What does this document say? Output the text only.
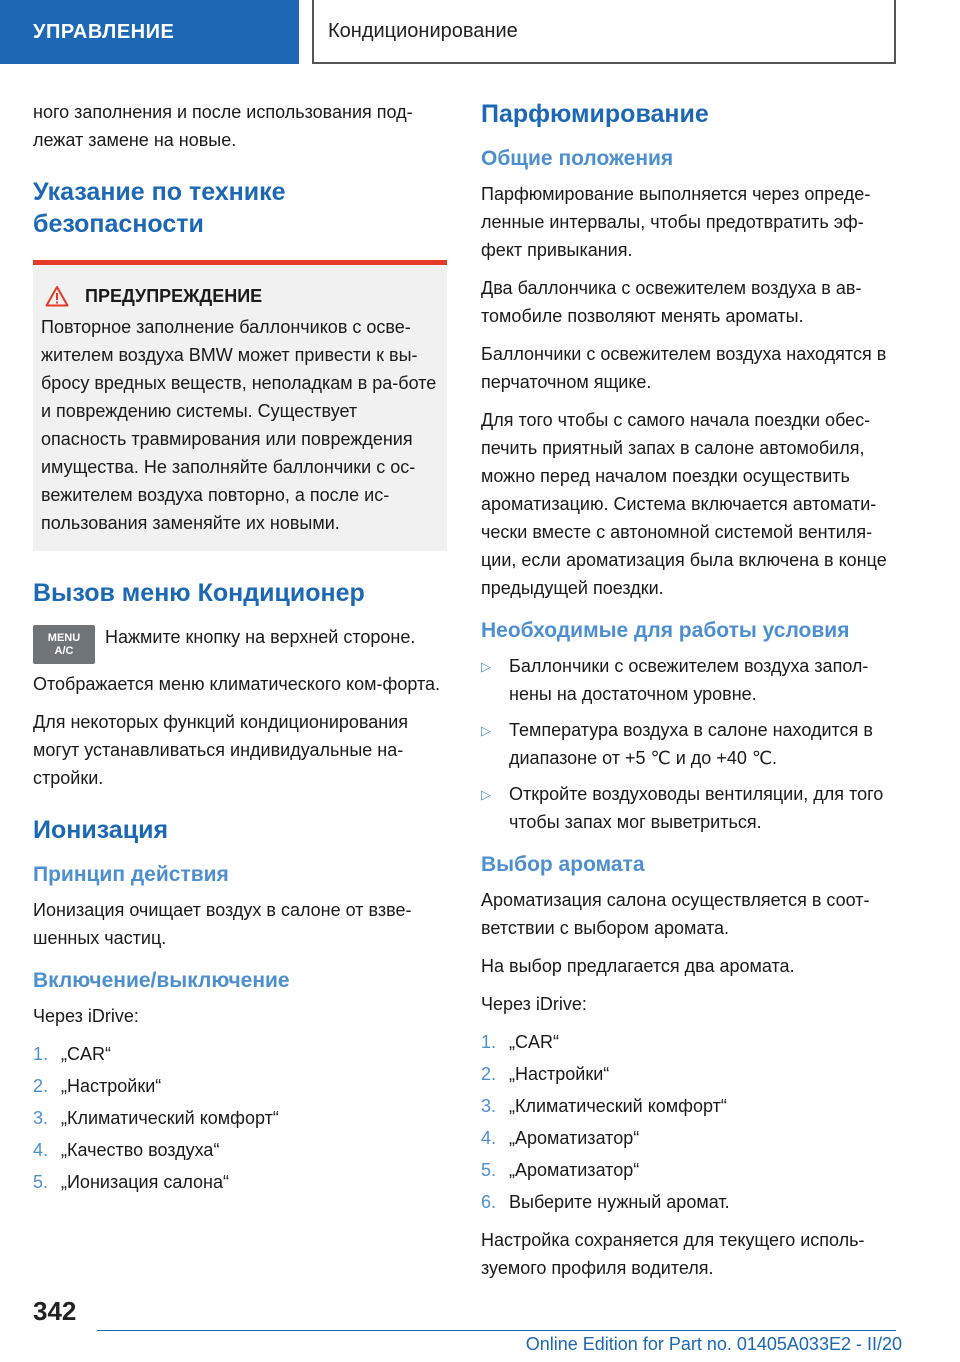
УПРАВЛЕНИЕ	Кондиционирование

ного заполнения и после использования под-лежат замене на новые.

Указание по технике безопасности
ПРЕДУПРЕЖДЕНИЕ

Повторное заполнение баллончиков с осве-жителем воздуха BMW может привести к вы-бросу вредных веществ, неполадкам в ра-боте и повреждению системы. Существует опасность травмирования или повреждения имущества. Не заполняйте баллончики с ос-вежителем воздуха повторно, а после ис-пользования заменяйте их новыми.

Вызов меню Кондиционер
MENU
A/C

Нажмите кнопку на верхней стороне.

Отображается меню климатического ком-форта.

Для некоторых функций кондиционирования могут устанавливаться индивидуальные на-стройки.

Ионизация
Принцип действия

Ионизация очищает воздух в салоне от взве-шенных частиц.

Включение/выключение

Через iDrive:

1. „CAR“
2. „Настройки“
3. „Климатический комфорт“
4. „Качество воздуха“
5. „Ионизация салона“
Парфюмирование
Общие положения

Парфюмирование выполняется через опреде-ленные интервалы, чтобы предотвратить эф-фект привыкания.

Два баллончика с освежителем воздуха в ав-томобиле позволяют менять ароматы.

Баллончики с освежителем воздуха находятся в перчаточном ящике.

Для того чтобы с самого начала поездки обес-печить приятный запах в салоне автомобиля, можно перед началом поездки осуществить ароматизацию. Система включается автомати-чески вместе с автономной системой вентиля-ции, если ароматизация была включена в конце предыдущей поездки.

Необходимые для работы условия
▷	Баллончики с освежителем воздуха запол-нены на достаточном уровне.
▷	Температура воздуха в салоне находится в диапазоне от +5 ℃ и до +40 ℃.
▷	Откройте воздуховоды вентиляции, для того чтобы запах мог выветриться.
Выбор аромата

Ароматизация салона осуществляется в соот-ветствии с выбором аромата.

На выбор предлагается два аромата.

Через iDrive:

1. „CAR“
2. „Настройки“
3. „Климатический комфорт“
4. „Ароматизатор“
5. „Ароматизатор“
6. Выберите нужный аромат.

Настройка сохраняется для текущего исполь-зуемого профиля водителя.

342
Online Edition for Part no. 01405A033E2 - II/20
